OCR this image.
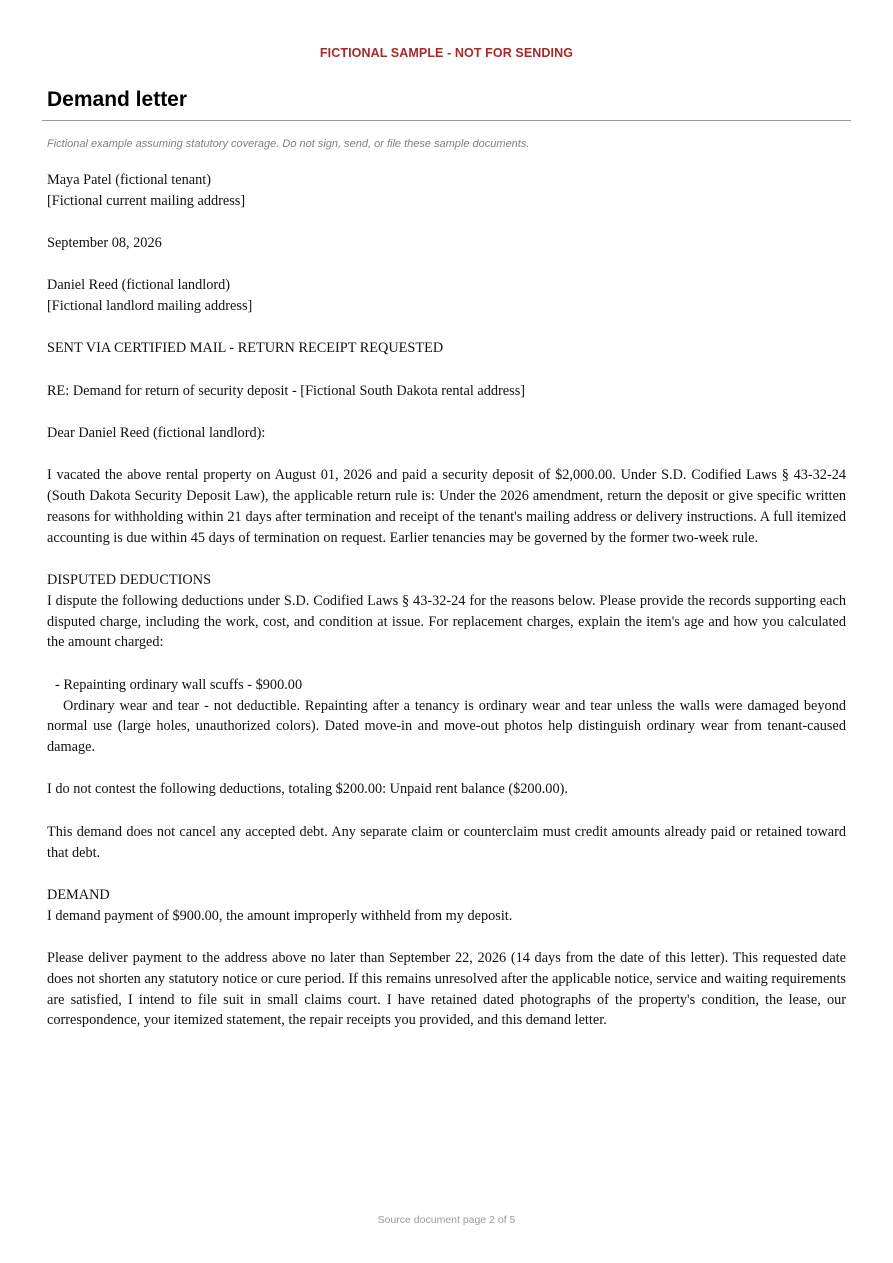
FICTIONAL SAMPLE - NOT FOR SENDING
Demand letter
Fictional example assuming statutory coverage. Do not sign, send, or file these sample documents.

Maya Patel (fictional tenant)
[Fictional current mailing address]

September 08, 2026

Daniel Reed (fictional landlord)
[Fictional landlord mailing address]

SENT VIA CERTIFIED MAIL - RETURN RECEIPT REQUESTED

RE: Demand for return of security deposit - [Fictional South Dakota rental address]

Dear Daniel Reed (fictional landlord):

I vacated the above rental property on August 01, 2026 and paid a security deposit of $2,000.00. Under S.D. Codified Laws § 43-32-24 (South Dakota Security Deposit Law), the applicable return rule is: Under the 2026 amendment, return the deposit or give specific written reasons for withholding within 21 days after termination and receipt of the tenant's mailing address or delivery instructions. A full itemized accounting is due within 45 days of termination on request. Earlier tenancies may be governed by the former two-week rule.

DISPUTED DEDUCTIONS
I dispute the following deductions under S.D. Codified Laws § 43-32-24 for the reasons below. Please provide the records supporting each disputed charge, including the work, cost, and condition at issue. For replacement charges, explain the item's age and how you calculated the amount charged:

- Repainting ordinary wall scuffs - $900.00

Ordinary wear and tear - not deductible. Repainting after a tenancy is ordinary wear and tear unless the walls were damaged beyond normal use (large holes, unauthorized colors). Dated move-in and move-out photos help distinguish ordinary wear from tenant-caused damage.

I do not contest the following deductions, totaling $200.00: Unpaid rent balance ($200.00).

This demand does not cancel any accepted debt. Any separate claim or counterclaim must credit amounts already paid or retained toward that debt.

DEMAND
I demand payment of $900.00, the amount improperly withheld from my deposit.

Please deliver payment to the address above no later than September 22, 2026 (14 days from the date of this letter). This requested date does not shorten any statutory notice or cure period. If this remains unresolved after the applicable notice, service and waiting requirements are satisfied, I intend to file suit in small claims court. I have retained dated photographs of the property's condition, the lease, our correspondence, your itemized statement, the repair receipts you provided, and this demand letter.

Source document page 2 of 5
